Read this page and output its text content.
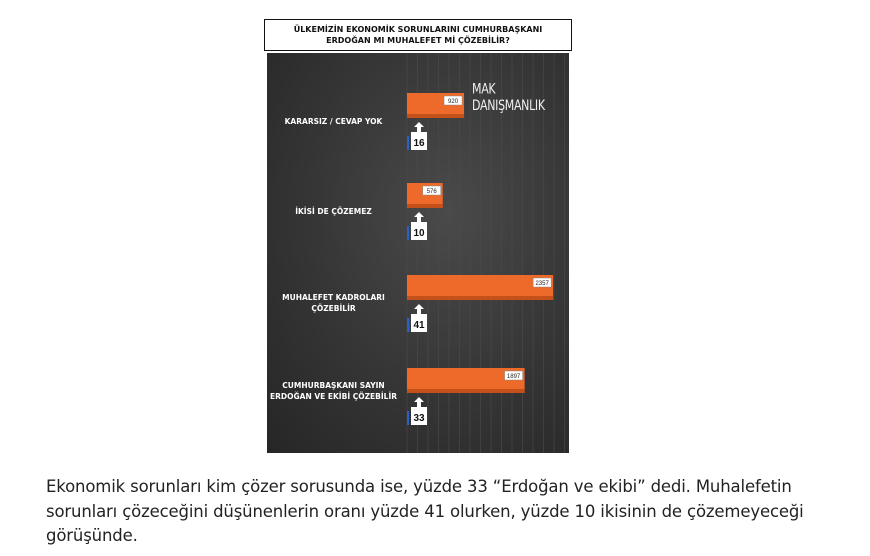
ÜLKEMİZİN EKONOMİK SORUNLARINI CUMHURBAŞKANI ERDOĞAN MI MUHALEFET Mİ ÇÖZEBİLİR?
920
16
576
10
2357
41
1897
33
MAK DANIŞMANLIK
KARARSIZ / CEVAP YOK
İKİSİ DE ÇÖZEMEZ
MUHALEFET KADROLARI ÇÖZEBİLİR
CUMHURBAŞKANI SAYIN ERDOĞAN VE EKİBİ ÇÖZEBİLİR
Ekonomik sorunları kim çözer sorusunda ise, yüzde 33 “Erdoğan ve ekibi” dedi. Muhalefetin sorunları çözeceğini düşünenlerin oranı yüzde 41 olurken, yüzde 10 ikisinin de çözemeyeceği görüşünde.
